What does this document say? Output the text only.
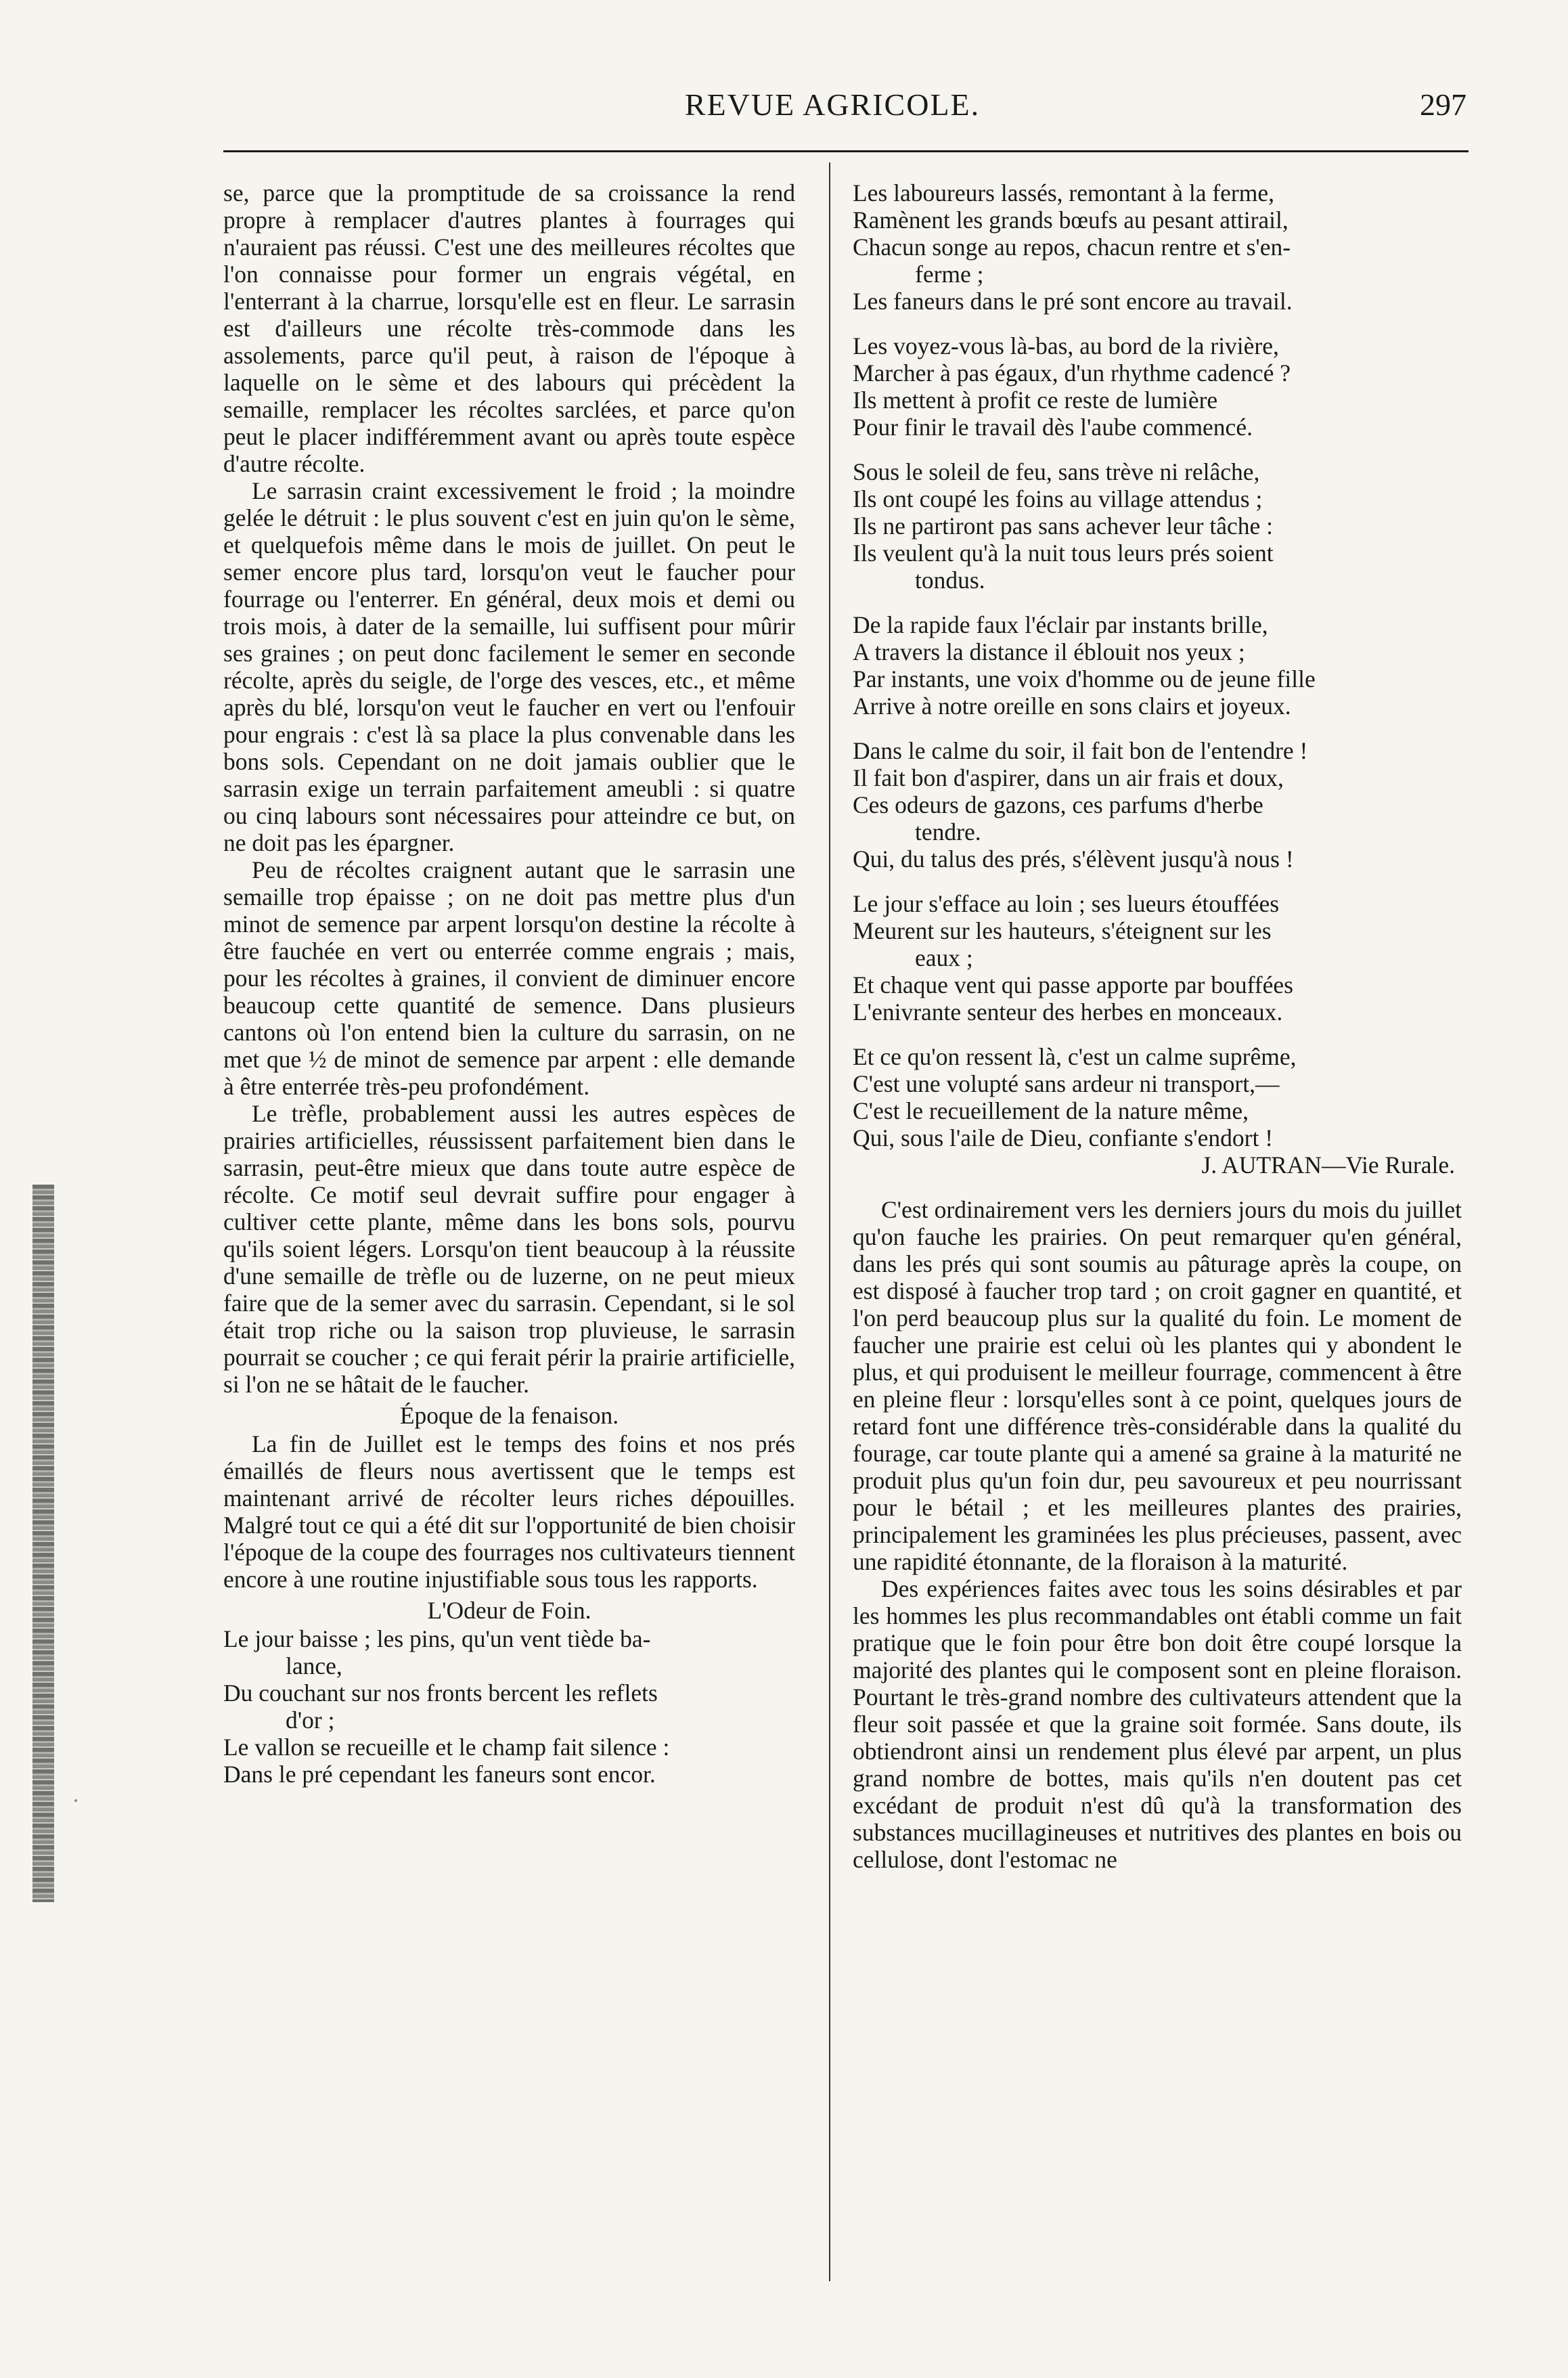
REVUE AGRICOLE.	297

se, parce que la promptitude de sa croissance la rend propre à remplacer d'autres plantes à fourrages qui n'auraient pas réussi. C'est une des meilleures récoltes que l'on connaisse pour former un engrais végétal, en l'enterrant à la charrue, lorsqu'elle est en fleur. Le sarrasin est d'ailleurs une récolte très-commode dans les assolements, parce qu'il peut, à raison de l'époque à laquelle on le sème et des labours qui précèdent la semaille, remplacer les récoltes sarclées, et parce qu'on peut le placer indifféremment avant ou après toute espèce d'autre récolte.

Le sarrasin craint excessivement le froid ; la moindre gelée le détruit : le plus souvent c'est en juin qu'on le sème, et quelquefois même dans le mois de juillet. On peut le semer encore plus tard, lorsqu'on veut le faucher pour fourrage ou l'enterrer. En général, deux mois et demi ou trois mois, à dater de la semaille, lui suffisent pour mûrir ses graines ; on peut donc facilement le semer en seconde récolte, après du seigle, de l'orge des vesces, etc., et même après du blé, lorsqu'on veut le faucher en vert ou l'enfouir pour engrais : c'est là sa place la plus convenable dans les bons sols. Cependant on ne doit jamais oublier que le sarrasin exige un terrain parfaitement ameubli : si quatre ou cinq labours sont nécessaires pour atteindre ce but, on ne doit pas les épargner.

Peu de récoltes craignent autant que le sarrasin une semaille trop épaisse ; on ne doit pas mettre plus d'un minot de semence par arpent lorsqu'on destine la récolte à être fauchée en vert ou enterrée comme engrais ; mais, pour les récoltes à graines, il convient de diminuer encore beaucoup cette quantité de semence. Dans plusieurs cantons où l'on entend bien la culture du sarrasin, on ne met que ½ de minot de semence par arpent : elle demande à être enterrée très-peu profondément.

Le trèfle, probablement aussi les autres espèces de prairies artificielles, réussissent parfaitement bien dans le sarrasin, peut-être mieux que dans toute autre espèce de récolte. Ce motif seul devrait suffire pour engager à cultiver cette plante, même dans les bons sols, pourvu qu'ils soient légers. Lorsqu'on tient beaucoup à la réussite d'une semaille de trèfle ou de luzerne, on ne peut mieux faire que de la semer avec du sarrasin. Cependant, si le sol était trop riche ou la saison trop pluvieuse, le sarrasin pourrait se coucher ; ce qui ferait périr la prairie artificielle, si l'on ne se hâtait de le faucher.

Époque de la fenaison.

La fin de Juillet est le temps des foins et nos prés émaillés de fleurs nous avertissent que le temps est maintenant arrivé de récolter leurs riches dépouilles. Malgré tout ce qui a été dit sur l'opportunité de bien choisir l'époque de la coupe des fourrages nos cultivateurs tiennent encore à une routine injustifiable sous tous les rapports.

L'Odeur de Foin.
Le jour baisse ; les pins, qu'un vent tiède ba-
lance,
Du couchant sur nos fronts bercent les reflets
d'or ;
Le vallon se recueille et le champ fait silence :
Dans le pré cependant les faneurs sont encor.
Les laboureurs lassés, remontant à la ferme,
Ramènent les grands bœufs au pesant attirail,
Chacun songe au repos, chacun rentre et s'en-
ferme ;
Les faneurs dans le pré sont encore au travail.
Les voyez-vous là-bas, au bord de la rivière,
Marcher à pas égaux, d'un rhythme cadencé ?
Ils mettent à profit ce reste de lumière
Pour finir le travail dès l'aube commencé.
Sous le soleil de feu, sans trève ni relâche,
Ils ont coupé les foins au village attendus ;
Ils ne partiront pas sans achever leur tâche :
Ils veulent qu'à la nuit tous leurs prés soient
tondus.
De la rapide faux l'éclair par instants brille,
A travers la distance il éblouit nos yeux ;
Par instants, une voix d'homme ou de jeune fille
Arrive à notre oreille en sons clairs et joyeux.
Dans le calme du soir, il fait bon de l'entendre !
Il fait bon d'aspirer, dans un air frais et doux,
Ces odeurs de gazons, ces parfums d'herbe
tendre.
Qui, du talus des prés, s'élèvent jusqu'à nous !
Le jour s'efface au loin ; ses lueurs étouffées
Meurent sur les hauteurs, s'éteignent sur les
eaux ;
Et chaque vent qui passe apporte par bouffées
L'enivrante senteur des herbes en monceaux.
Et ce qu'on ressent là, c'est un calme suprême,
C'est une volupté sans ardeur ni transport,—
C'est le recueillement de la nature même,
Qui, sous l'aile de Dieu, confiante s'endort !
J. AUTRAN—Vie Rurale.

C'est ordinairement vers les derniers jours du mois du juillet qu'on fauche les prairies. On peut remarquer qu'en général, dans les prés qui sont soumis au pâturage après la coupe, on est disposé à faucher trop tard ; on croit gagner en quantité, et l'on perd beaucoup plus sur la qualité du foin. Le moment de faucher une prairie est celui où les plantes qui y abondent le plus, et qui produisent le meilleur fourrage, commencent à être en pleine fleur : lorsqu'elles sont à ce point, quelques jours de retard font une différence très-considérable dans la qualité du fourage, car toute plante qui a amené sa graine à la maturité ne produit plus qu'un foin dur, peu savoureux et peu nourrissant pour le bétail ; et les meilleures plantes des prairies, principalement les graminées les plus précieuses, passent, avec une rapidité étonnante, de la floraison à la maturité.

Des expériences faites avec tous les soins désirables et par les hommes les plus recommandables ont établi comme un fait pratique que le foin pour être bon doit être coupé lorsque la majorité des plantes qui le composent sont en pleine floraison. Pourtant le très-grand nombre des cultivateurs attendent que la fleur soit passée et que la graine soit formée. Sans doute, ils obtiendront ainsi un rendement plus élevé par arpent, un plus grand nombre de bottes, mais qu'ils n'en doutent pas cet excédant de produit n'est dû qu'à la transformation des substances mucillagineuses et nutritives des plantes en bois ou cellulose, dont l'estomac ne
